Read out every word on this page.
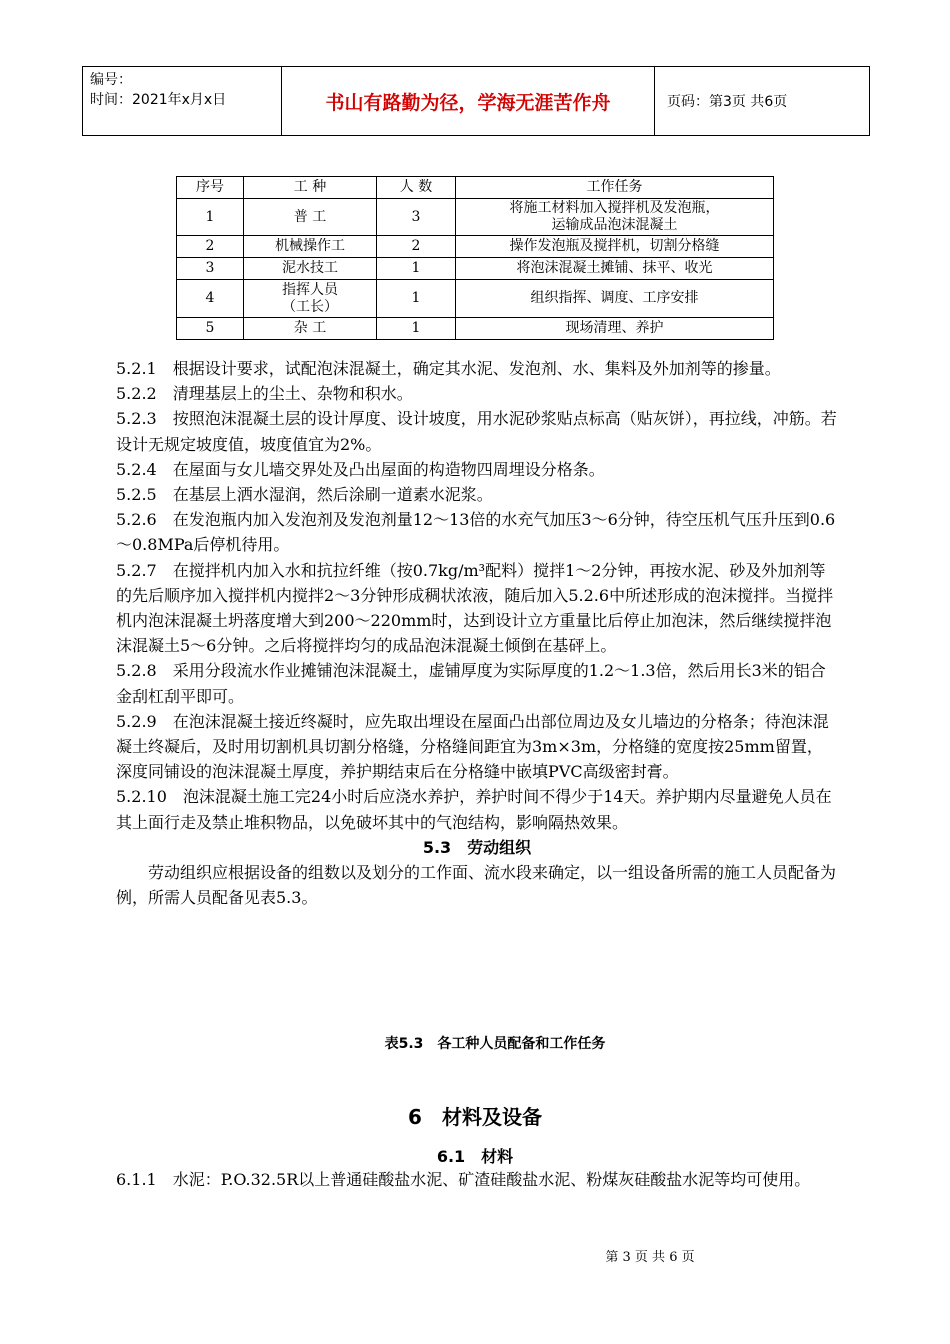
编号：
时间：2021年x月x日	书山有路勤为径，学海无涯苦作舟	页码：第3页 共6页
序号	工 种	人 数	工作任务
1	普 工	3	将施工材料加入搅拌机及发泡瓶，
运输成品泡沫混凝土

2	机械操作工	2	操作发泡瓶及搅拌机，切割分格缝
3	泥水技工	1	将泡沫混凝土摊铺、抹平、收光
4	指挥人员
（工长）	1	组织指挥、调度、工序安排
5	杂 工	1	现场清理、养护

5.2.1　根据设计要求，试配泡沫混凝土，确定其水泥、发泡剂、水、集料及外加剂等的掺量。

5.2.2　清理基层上的尘土、杂物和积水。

5.2.3　按照泡沫混凝土层的设计厚度、设计坡度，用水泥砂浆贴点标高（贴灰饼），再拉线，冲筋。若设计无规定坡度值，坡度值宜为2%。

5.2.4　在屋面与女儿墙交界处及凸出屋面的构造物四周埋设分格条。

5.2.5　在基层上洒水湿润，然后涂刷一道素水泥浆。

5.2.6　在发泡瓶内加入发泡剂及发泡剂量12～13倍的水充气加压3～6分钟，待空压机气压升压到0.6～0.8MPa后停机待用。

5.2.7　在搅拌机内加入水和抗拉纤维（按0.7kg/m³配料）搅拌1～2分钟，再按水泥、砂及外加剂等的先后顺序加入搅拌机内搅拌2～3分钟形成稠状浓液，随后加入5.2.6中所述形成的泡沫搅拌。当搅拌机内泡沫混凝土坍落度增大到200～220mm时，达到设计立方重量比后停止加泡沫，然后继续搅拌泡沫混凝土5～6分钟。之后将搅拌均匀的成品泡沫混凝土倾倒在基砰上。

5.2.8　采用分段流水作业摊铺泡沫混凝土，虚铺厚度为实际厚度的1.2～1.3倍，然后用长3米的铝合金刮杠刮平即可。

5.2.9　在泡沫混凝土接近终凝时，应先取出埋设在屋面凸出部位周边及女儿墙边的分格条；待泡沫混凝土终凝后，及时用切割机具切割分格缝，分格缝间距宜为3m×3m，分格缝的宽度按25mm留置，深度同铺设的泡沫混凝土厚度，养护期结束后在分格缝中嵌填PVC高级密封膏。

5.2.10　泡沫混凝土施工完24小时后应浇水养护，养护时间不得少于14天。养护期内尽量避免人员在其上面行走及禁止堆积物品，以免破坏其中的气泡结构，影响隔热效果。

5.3　劳动组织

劳动组织应根据设备的组数以及划分的工作面、流水段来确定，以一组设备所需的施工人员配备为例，所需人员配备见表5.3。

表5.3　各工种人员配备和工作任务
6　材料及设备
6.1　材料
6.1.1　水泥：P.O.32.5R以上普通硅酸盐水泥、矿渣硅酸盐水泥、粉煤灰硅酸盐水泥等均可使用。
第 3 页 共 6 页
